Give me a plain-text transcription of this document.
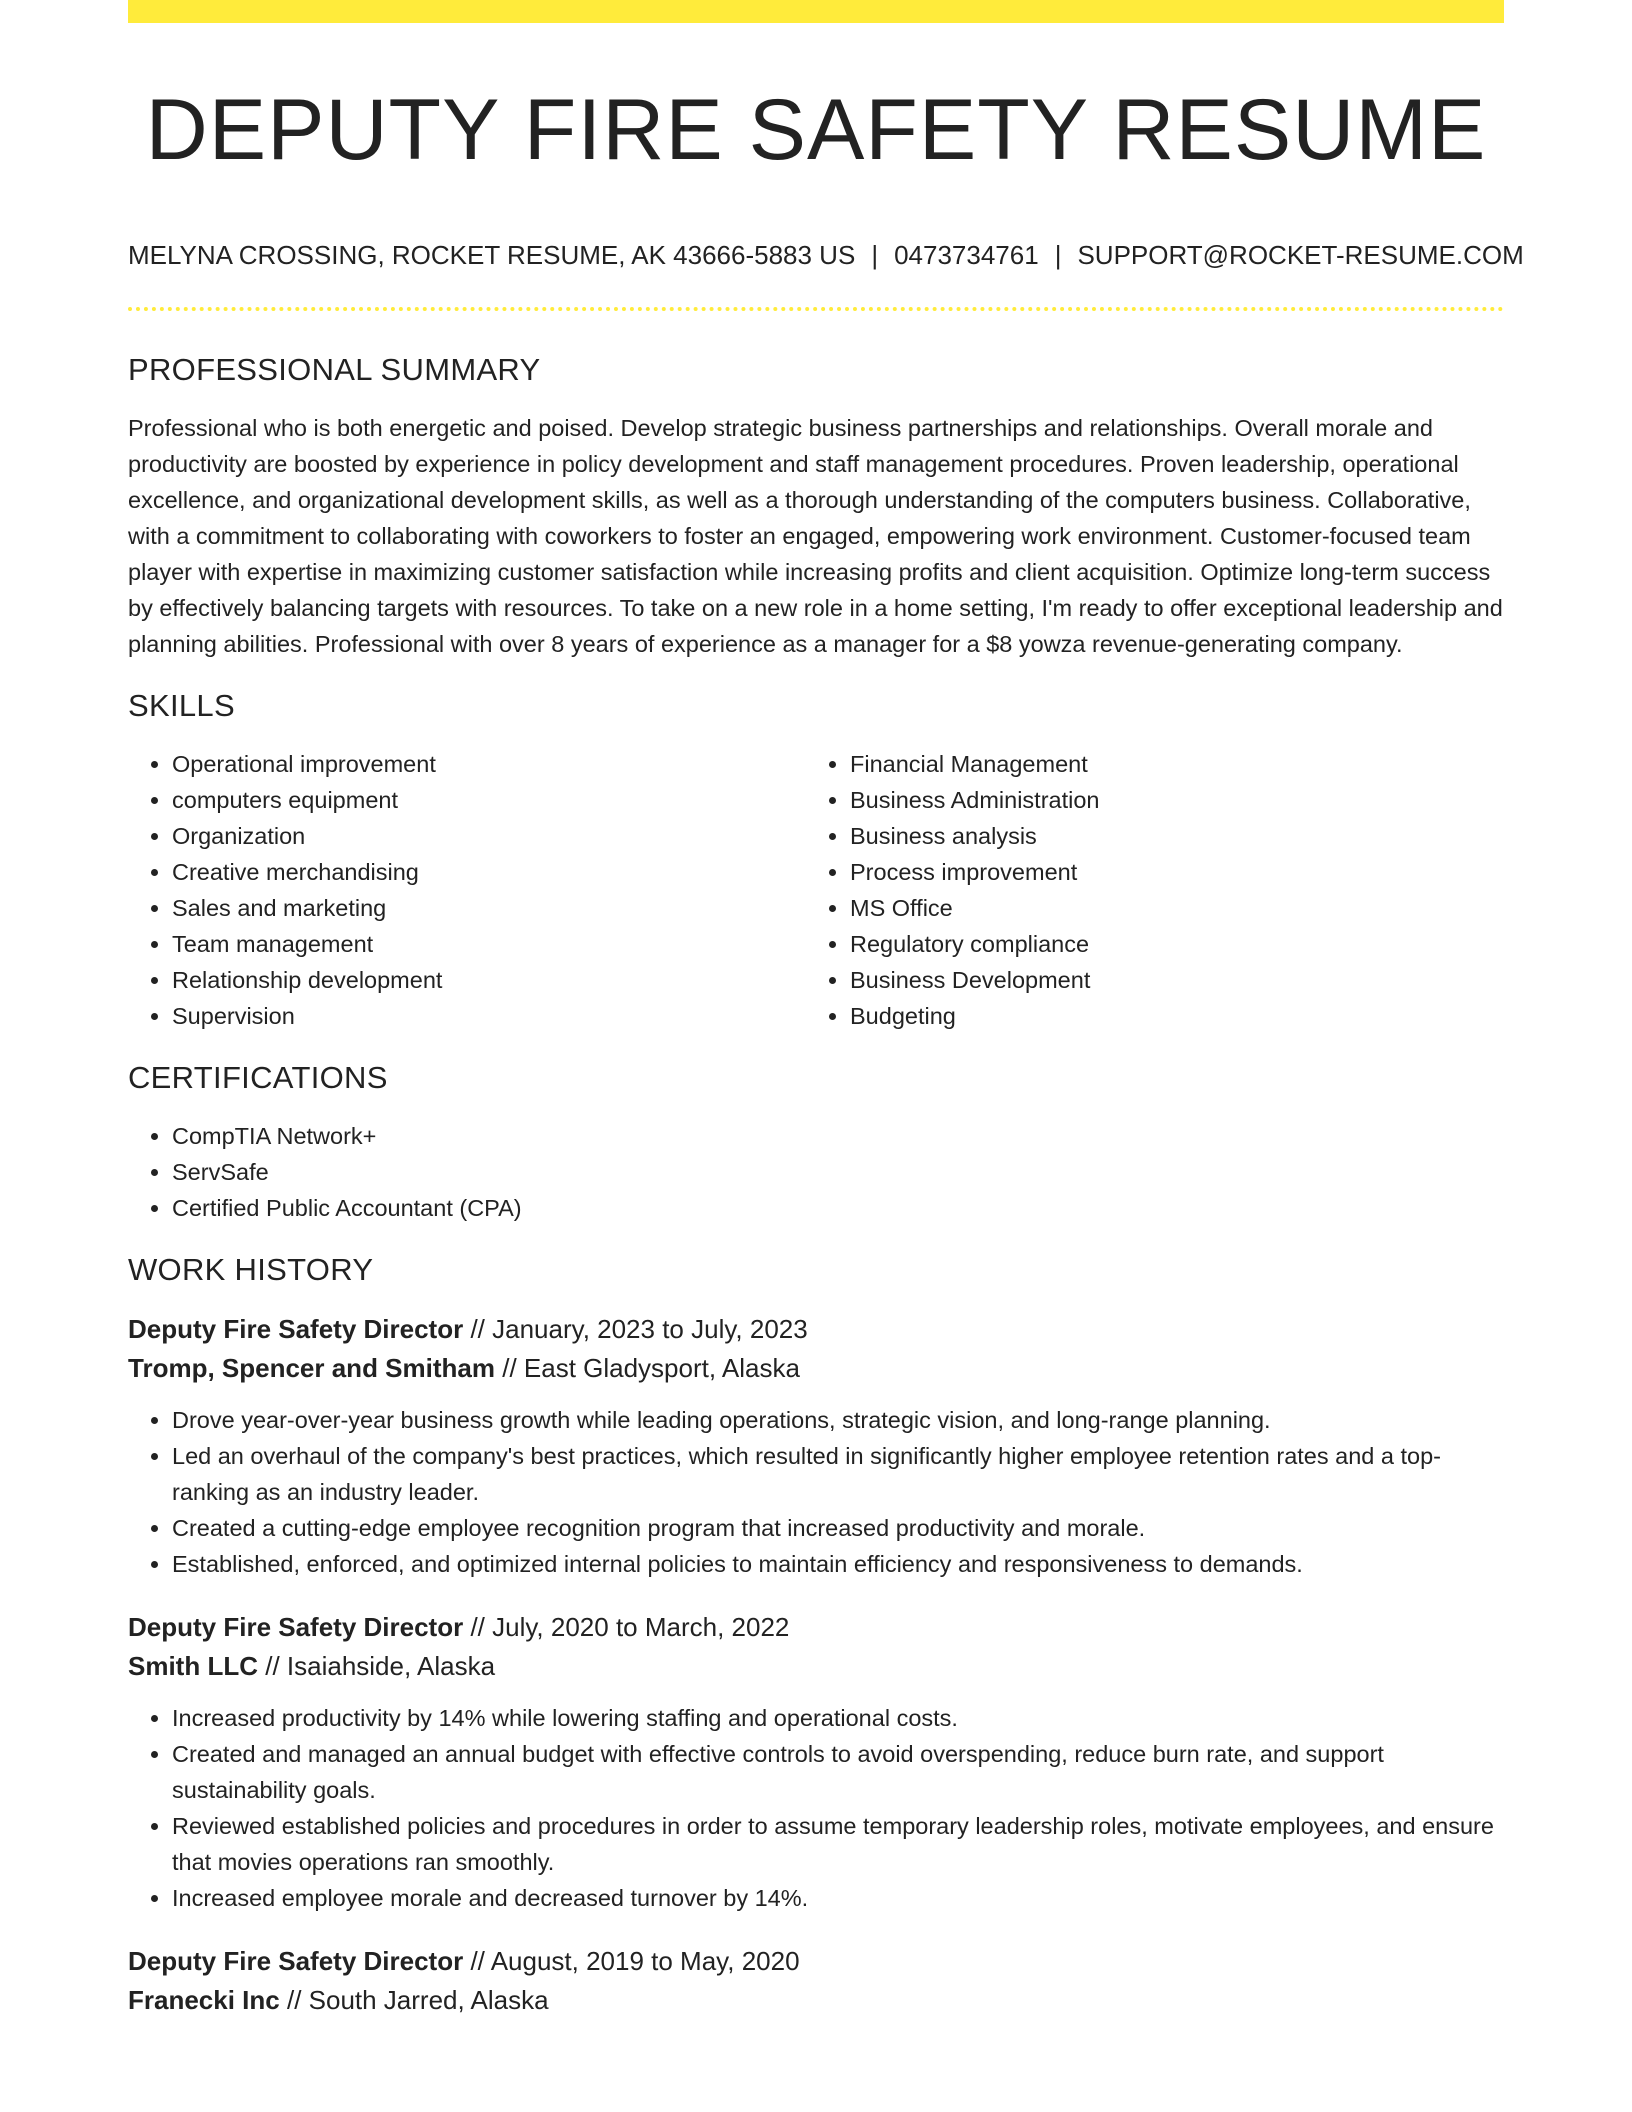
DEPUTY FIRE SAFETY RESUME
MELYNA CROSSING, ROCKET RESUME, AK 43666-5883 US | 0473734761 | SUPPORT@ROCKET-RESUME.COM
PROFESSIONAL SUMMARY

Professional who is both energetic and poised. Develop strategic business partnerships and relationships. Overall morale and productivity are boosted by experience in policy development and staff management procedures. Proven leadership, operational excellence, and organizational development skills, as well as a thorough understanding of the computers business. Collaborative, with a commitment to collaborating with coworkers to foster an engaged, empowering work environment. Customer-focused team player with expertise in maximizing customer satisfaction while increasing profits and client acquisition. Optimize long-term success by effectively balancing targets with resources. To take on a new role in a home setting, I'm ready to offer exceptional leadership and planning abilities. Professional with over 8 years of experience as a manager for a $8 yowza revenue-generating company.

SKILLS
• Operational improvement
• computers equipment
• Organization
• Creative merchandising
• Sales and marketing
• Team management
• Relationship development
• Supervision
• Financial Management
• Business Administration
• Business analysis
• Process improvement
• MS Office
• Regulatory compliance
• Business Development
• Budgeting
CERTIFICATIONS
• CompTIA Network+
• ServSafe
• Certified Public Accountant (CPA)
WORK HISTORY

Deputy Fire Safety Director // January, 2023 to July, 2023

Tromp, Spencer and Smitham // East Gladysport, Alaska

• Drove year-over-year business growth while leading operations, strategic vision, and long-range planning.
• Led an overhaul of the company's best practices, which resulted in significantly higher employee retention rates and a top-ranking as an industry leader.
• Created a cutting-edge employee recognition program that increased productivity and morale.
• Established, enforced, and optimized internal policies to maintain efficiency and responsiveness to demands.

Deputy Fire Safety Director // July, 2020 to March, 2022

Smith LLC // Isaiahside, Alaska

• Increased productivity by 14% while lowering staffing and operational costs.
• Created and managed an annual budget with effective controls to avoid overspending, reduce burn rate, and support sustainability goals.
• Reviewed established policies and procedures in order to assume temporary leadership roles, motivate employees, and ensure that movies operations ran smoothly.
• Increased employee morale and decreased turnover by 14%.

Deputy Fire Safety Director // August, 2019 to May, 2020

Franecki Inc // South Jarred, Alaska
